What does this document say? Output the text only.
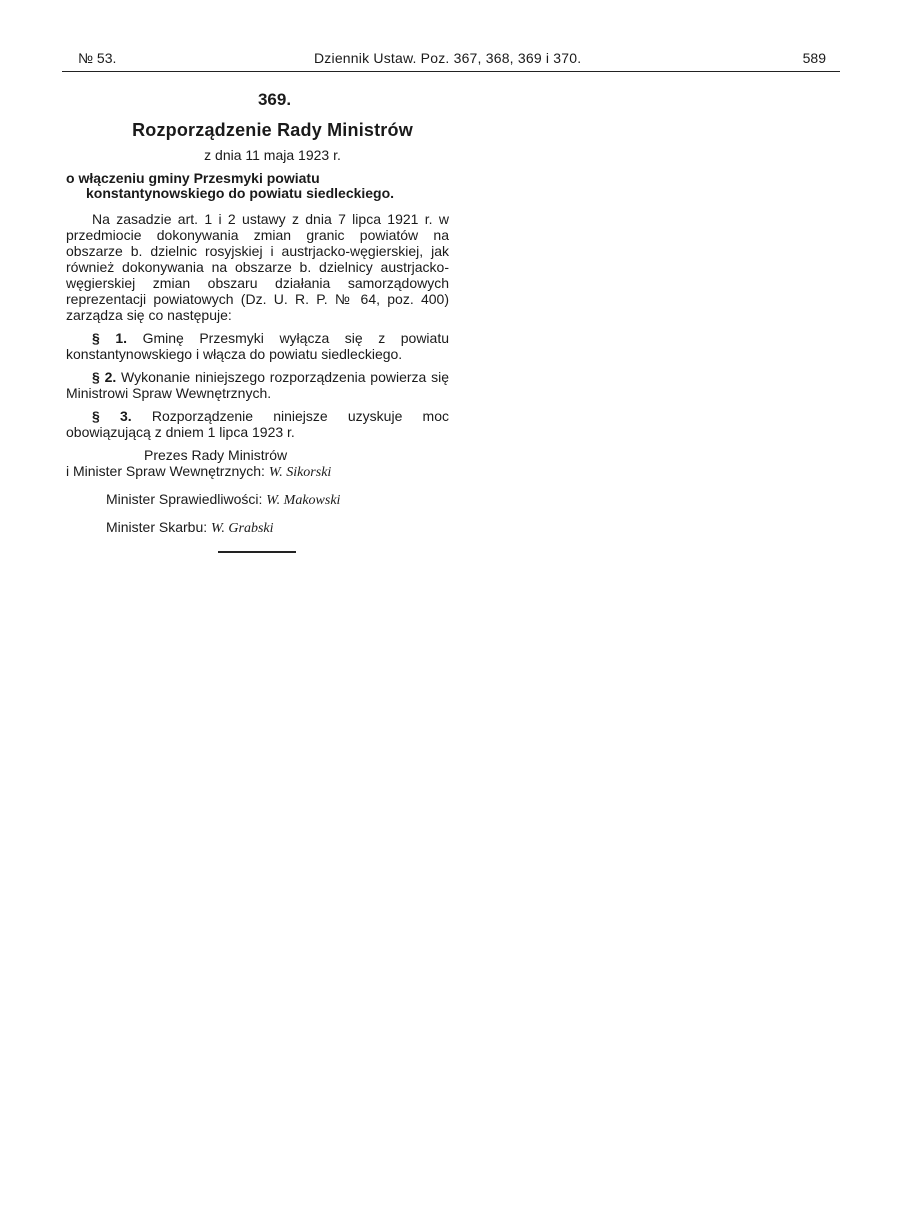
№ 53.	Dziennik Ustaw. Poz. 367, 368, 369 i 370.	589
369.
Rozporządzenie Rady Ministrów
z dnia 11 maja 1923 r.
o włączeniu gminy Przesmyki powiatu konstantynowskiego do powiatu siedleckiego.

Na zasadzie art. 1 i 2 ustawy z dnia 7 lipca 1921 r. w przedmiocie dokonywania zmian granic powiatów na obszarze b. dzielnic rosyjskiej i austrjacko-węgierskiej, jak również dokonywania na obszarze b. dzielnicy austrjacko-węgierskiej zmian obszaru działania samorządowych reprezentacji powiatowych (Dz. U. R. P. № 64, poz. 400) zarządza się co następuje:

§ 1. Gminę Przesmyki wyłącza się z powiatu konstantynowskiego i włącza do powiatu siedleckiego.

§ 2. Wykonanie niniejszego rozporządzenia powierza się Ministrowi Spraw Wewnętrznych.

§ 3. Rozporządzenie niniejsze uzyskuje moc obowiązującą z dniem 1 lipca 1923 r.

Prezes Rady Ministrów
i Minister Spraw Wewnętrznych: W. Sikorski
Minister Sprawiedliwości: W. Makowski
Minister Skarbu: W. Grabski
